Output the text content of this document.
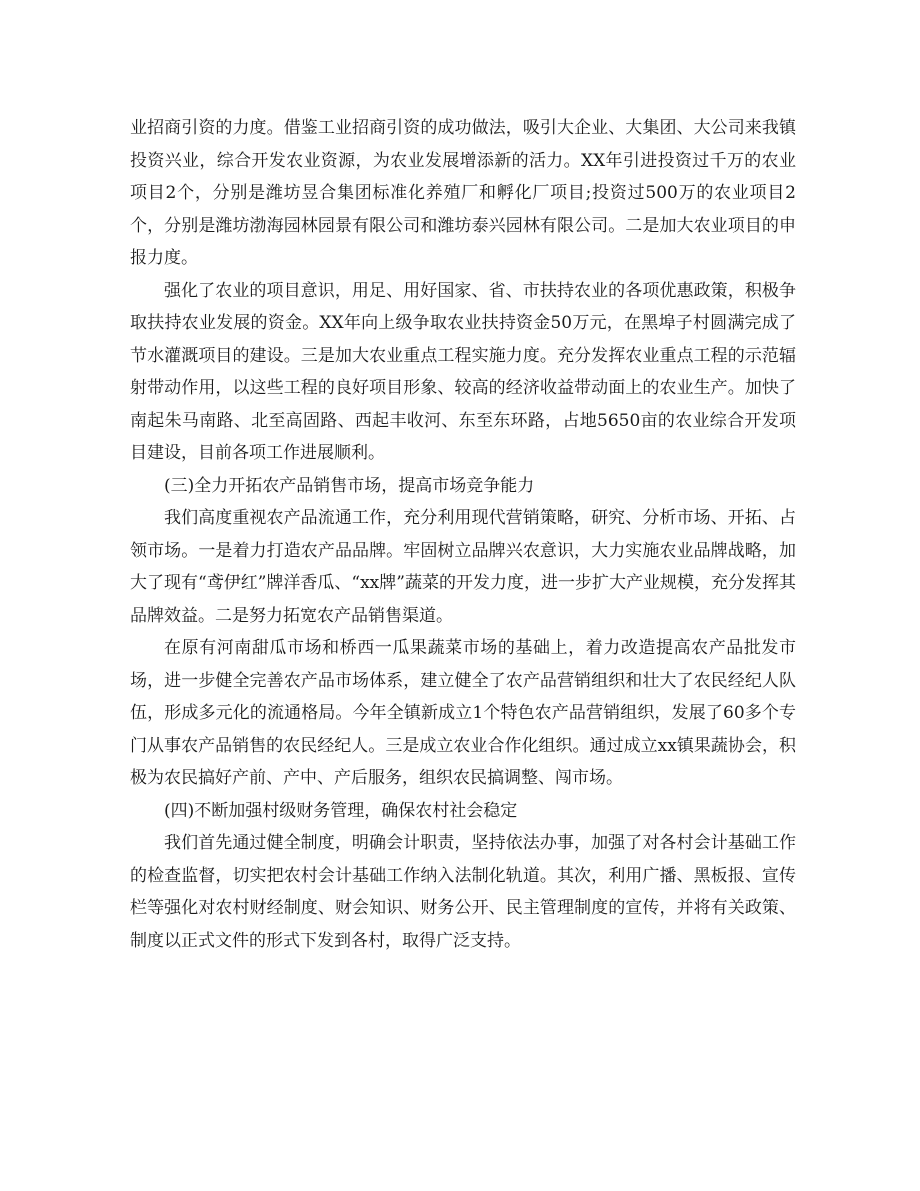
业招商引资的力度。借鉴工业招商引资的成功做法，吸引大企业、大集团、大公司来我镇投资兴业，综合开发农业资源，为农业发展增添新的活力。XX年引进投资过千万的农业项目2个，分别是潍坊昱合集团标准化养殖厂和孵化厂项目;投资过500万的农业项目2个，分别是潍坊渤海园林园景有限公司和潍坊泰兴园林有限公司。二是加大农业项目的申报力度。

强化了农业的项目意识，用足、用好国家、省、市扶持农业的各项优惠政策，积极争取扶持农业发展的资金。XX年向上级争取农业扶持资金50万元，在黑埠子村圆满完成了节水灌溉项目的建设。三是加大农业重点工程实施力度。充分发挥农业重点工程的示范辐射带动作用，以这些工程的良好项目形象、较高的经济收益带动面上的农业生产。加快了南起朱马南路、北至高固路、西起丰收河、东至东环路，占地5650亩的农业综合开发项目建设，目前各项工作进展顺利。

(三)全力开拓农产品销售市场，提高市场竞争能力

我们高度重视农产品流通工作，充分利用现代营销策略，研究、分析市场、开拓、占领市场。一是着力打造农产品品牌。牢固树立品牌兴农意识，大力实施农业品牌战略，加大了现有“鸢伊红”牌洋香瓜、“xx牌”蔬菜的开发力度，进一步扩大产业规模，充分发挥其品牌效益。二是努力拓宽农产品销售渠道。

在原有河南甜瓜市场和桥西一瓜果蔬菜市场的基础上，着力改造提高农产品批发市场，进一步健全完善农产品市场体系，建立健全了农产品营销组织和壮大了农民经纪人队伍，形成多元化的流通格局。今年全镇新成立1个特色农产品营销组织，发展了60多个专门从事农产品销售的农民经纪人。三是成立农业合作化组织。通过成立xx镇果蔬协会，积极为农民搞好产前、产中、产后服务，组织农民搞调整、闯市场。

(四)不断加强村级财务管理，确保农村社会稳定

我们首先通过健全制度，明确会计职责，坚持依法办事，加强了对各村会计基础工作的检查监督，切实把农村会计基础工作纳入法制化轨道。其次，利用广播、黑板报、宣传栏等强化对农村财经制度、财会知识、财务公开、民主管理制度的宣传，并将有关政策、制度以正式文件的形式下发到各村，取得广泛支持。
